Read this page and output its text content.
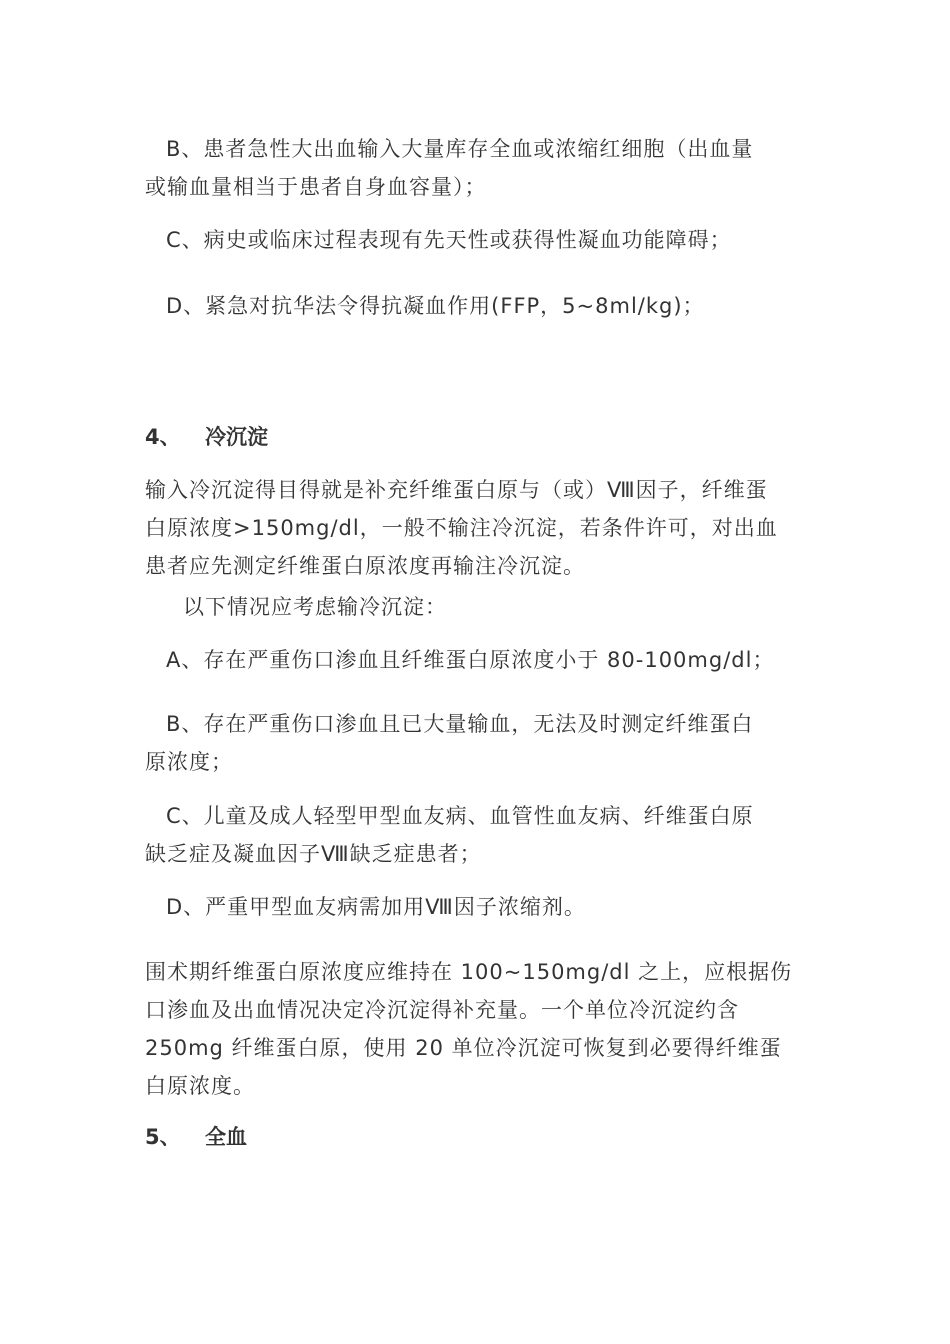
B、患者急性大出血输入大量库存全血或浓缩红细胞（出血量
或输血量相当于患者自身血容量）；
C、病史或临床过程表现有先天性或获得性凝血功能障碍；
D、紧急对抗华法令得抗凝血作用(FFP，5~8ml/kg)；
4、 冷沉淀
输入冷沉淀得目得就是补充纤维蛋白原与（或）Ⅷ因子，纤维蛋
白原浓度>150mg/dl，一般不输注冷沉淀，若条件许可，对出血
患者应先测定纤维蛋白原浓度再输注冷沉淀。
以下情况应考虑输冷沉淀：
A、存在严重伤口渗血且纤维蛋白原浓度小于 80-100mg/dl；
B、存在严重伤口渗血且已大量输血，无法及时测定纤维蛋白
原浓度；
C、儿童及成人轻型甲型血友病、血管性血友病、纤维蛋白原
缺乏症及凝血因子Ⅷ缺乏症患者；
D、严重甲型血友病需加用Ⅷ因子浓缩剂。
围术期纤维蛋白原浓度应维持在 100~150mg/dl 之上，应根据伤
口渗血及出血情况决定冷沉淀得补充量。一个单位冷沉淀约含
250mg 纤维蛋白原，使用 20 单位冷沉淀可恢复到必要得纤维蛋
白原浓度。
5、 全血
